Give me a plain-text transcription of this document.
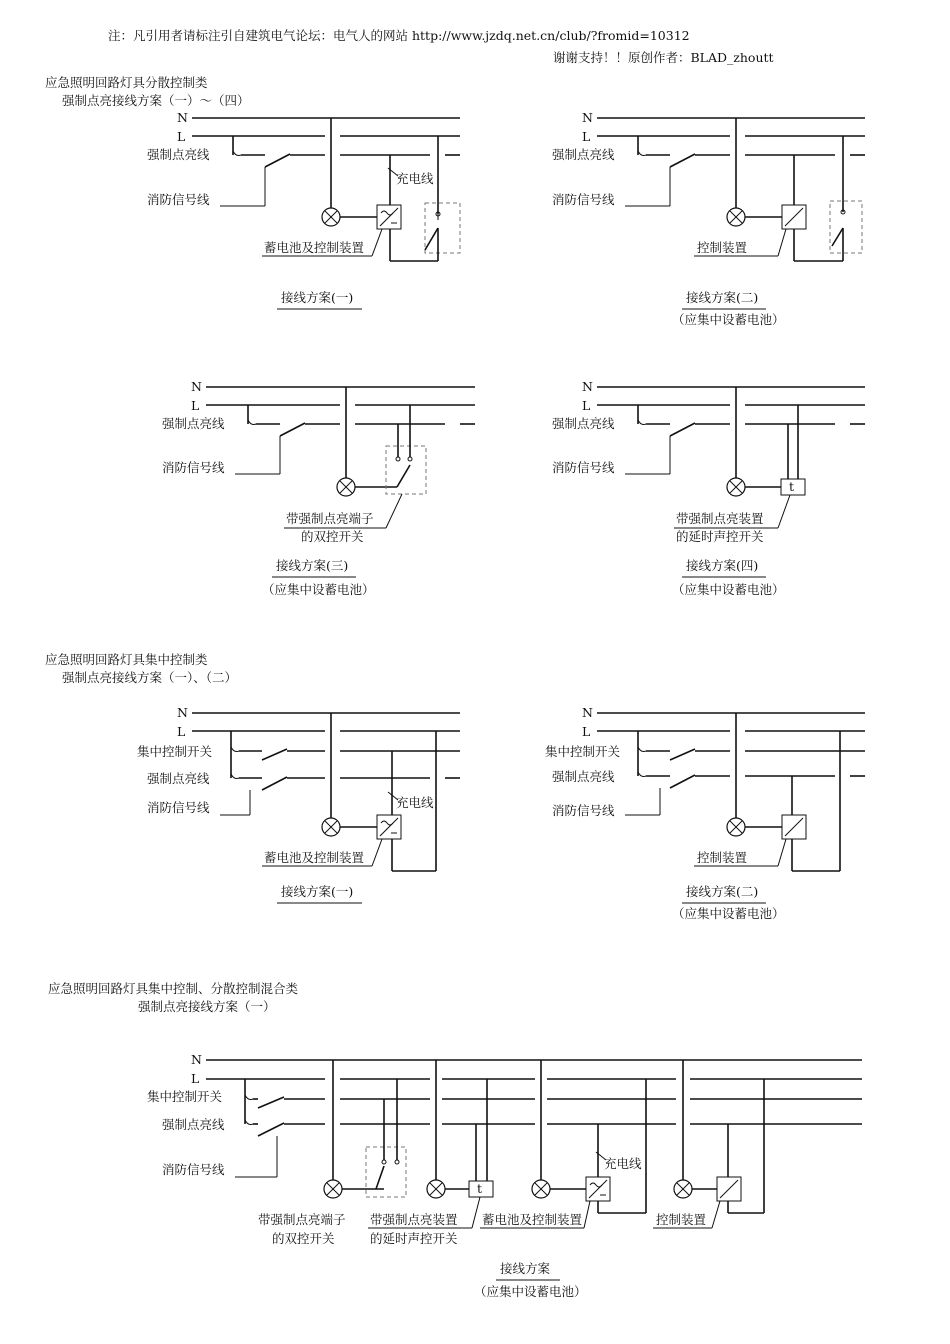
注：凡引用者请标注引自建筑电气论坛：电气人的网站 http://www.jzdq.net.cn/club/?fromid=10312
谢谢支持！！原创作者：BLAD_zhoutt
应急照明回路灯具分散控制类
强制点亮接线方案（一）～（四）
应急照明回路灯具集中控制类
强制点亮接线方案（一）、（二）
应急照明回路灯具集中控制、分散控制混合类
强制点亮接线方案（一）
N
L
强制点亮线
消防信号线
充电线
蓄电池及控制装置
接线方案(一)
N
L
强制点亮线
消防信号线
控制装置
接线方案(二)
（应集中设蓄电池）
N
L
强制点亮线
消防信号线
带强制点亮端子
的双控开关
接线方案(三)
（应集中设蓄电池）
N
L
强制点亮线
消防信号线
t
带强制点亮装置
的延时声控开关
接线方案(四)
（应集中设蓄电池）
N
L
集中控制开关
强制点亮线
消防信号线	充电线
蓄电池及控制装置
接线方案(一)
N
L
集中控制开关
强制点亮线
消防信号线
控制装置
接线方案(二)
（应集中设蓄电池）
N
L
集中控制开关
强制点亮线
消防信号线
带强制点亮端子
的双控开关
t
带强制点亮装置
的延时声控开关
充电线
蓄电池及控制装置	控制装置
接线方案
（应集中设蓄电池）
